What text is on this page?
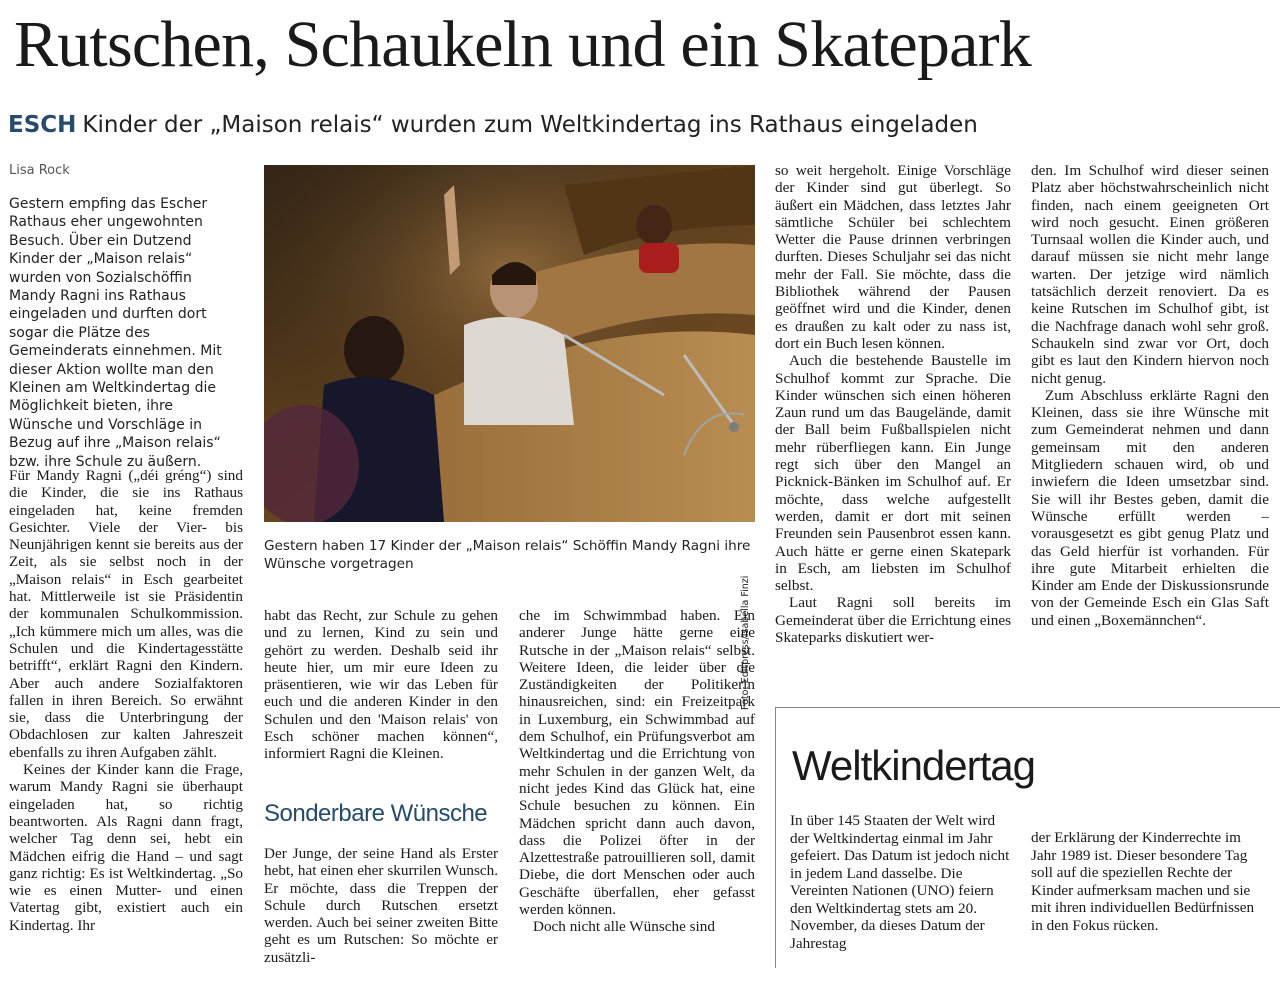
Rutschen, Schaukeln und ein Skatepark
ESCH Kinder der „Maison relais“ wurden zum Weltkindertag ins Rathaus eingeladen
Lisa Rock
Gestern empfing das Escher Rathaus eher ungewohnten Besuch. Über ein Dutzend Kinder der „Maison relais“ wurden von Sozialschöffin Mandy Ragni ins Rathaus eingeladen und durften dort sogar die Plätze des Gemeinderats einnehmen. Mit dieser Aktion wollte man den Kleinen am Weltkindertag die Möglichkeit bieten, ihre Wünsche und Vorschläge in Bezug auf ihre „Maison relais“ bzw. ihre Schule zu äußern.

Für Mandy Ragni („déi gréng“) sind die Kinder, die sie ins Rathaus eingeladen hat, keine fremden Gesichter. Viele der Vier- bis Neunjährigen kennt sie bereits aus der Zeit, als sie selbst noch in der „Maison relais“ in Esch gearbeitet hat. Mittlerweile ist sie Präsidentin der kommunalen Schulkommission. „Ich kümmere mich um alles, was die Schulen und die Kindertagesstätte betrifft“, erklärt Ragni den Kindern. Aber auch andere Sozialfaktoren fallen in ihren Bereich. So erwähnt sie, dass die Unterbringung der Obdachlosen zur kalten Jahreszeit ebenfalls zu ihren Aufgaben zählt.

Keines der Kinder kann die Frage, warum Mandy Ragni sie überhaupt eingeladen hat, so richtig beantworten. Als Ragni dann fragt, welcher Tag denn sei, hebt ein Mädchen eifrig die Hand – und sagt ganz richtig: Es ist Weltkindertag. „So wie es einen Mutter- und einen Vatertag gibt, existiert auch ein Kindertag. Ihr

Foto: Editpress/Isabella Finzi
Gestern haben 17 Kinder der „Maison relais“ Schöffin Mandy Ragni ihre Wünsche vorgetragen

habt das Recht, zur Schule zu gehen und zu lernen, Kind zu sein und gehört zu werden. Deshalb seid ihr heute hier, um mir eure Ideen zu präsentieren, wie wir das Leben für euch und die anderen Kinder in den Schulen und den 'Maison relais' von Esch schöner machen können“, informiert Ragni die Kleinen.

Sonderbare Wünsche

Der Junge, der seine Hand als Erster hebt, hat einen eher skurrilen Wunsch. Er möchte, dass die Treppen der Schule durch Rutschen ersetzt werden. Auch bei seiner zweiten Bitte geht es um Rutschen: So möchte er zusätzli-

che im Schwimmbad haben. Ein anderer Junge hätte gerne eine Rutsche in der „Maison relais“ selbst. Weitere Ideen, die leider über die Zuständigkeiten der Politikerin hinausreichen, sind: ein Freizeitpark in Luxemburg, ein Schwimmbad auf dem Schulhof, ein Prüfungsverbot am Weltkindertag und die Errichtung von mehr Schulen in der ganzen Welt, da nicht jedes Kind das Glück hat, eine Schule besuchen zu können. Ein Mädchen spricht dann auch davon, dass die Polizei öfter in der Alzettestraße patrouillieren soll, damit Diebe, die dort Menschen oder auch Geschäfte überfallen, eher gefasst werden können.

Doch nicht alle Wünsche sind

so weit hergeholt. Einige Vorschläge der Kinder sind gut überlegt. So äußert ein Mädchen, dass letztes Jahr sämtliche Schüler bei schlechtem Wetter die Pause drinnen verbringen durften. Dieses Schuljahr sei das nicht mehr der Fall. Sie möchte, dass die Bibliothek während der Pausen geöffnet wird und die Kinder, denen es draußen zu kalt oder zu nass ist, dort ein Buch lesen können.

Auch die bestehende Baustelle im Schulhof kommt zur Sprache. Die Kinder wünschen sich einen höheren Zaun rund um das Baugelände, damit der Ball beim Fußballspielen nicht mehr rüberfliegen kann. Ein Junge regt sich über den Mangel an Picknick-Bänken im Schulhof auf. Er möchte, dass welche aufgestellt werden, damit er dort mit seinen Freunden sein Pausenbrot essen kann. Auch hätte er gerne einen Skatepark in Esch, am liebsten im Schulhof selbst.

Laut Ragni soll bereits im Gemeinderat über die Errichtung eines Skateparks diskutiert wer-

den. Im Schulhof wird dieser seinen Platz aber höchstwahrscheinlich nicht finden, nach einem geeigneten Ort wird noch gesucht. Einen größeren Turnsaal wollen die Kinder auch, und darauf müssen sie nicht mehr lange warten. Der jetzige wird nämlich tatsächlich derzeit renoviert. Da es keine Rutschen im Schulhof gibt, ist die Nachfrage danach wohl sehr groß. Schaukeln sind zwar vor Ort, doch gibt es laut den Kindern hiervon noch nicht genug.

Zum Abschluss erklärte Ragni den Kleinen, dass sie ihre Wünsche mit zum Gemeinderat nehmen und dann gemeinsam mit den anderen Mitgliedern schauen wird, ob und inwiefern die Ideen umsetzbar sind. Sie will ihr Bestes geben, damit die Wünsche erfüllt werden – vorausgesetzt es gibt genug Platz und das Geld hierfür ist vorhanden. Für ihre gute Mitarbeit erhielten die Kinder am Ende der Diskussionsrunde von der Gemeinde Esch ein Glas Saft und einen „Boxemännchen“.

Weltkindertag
In über 145 Staaten der Welt wird der Weltkindertag einmal im Jahr gefeiert. Das Datum ist jedoch nicht in jedem Land dasselbe. Die Vereinten Nationen (UNO) feiern den Weltkindertag stets am 20. November, da dieses Datum der Jahrestag
der Erklärung der Kinderrechte im Jahr 1989 ist. Dieser besondere Tag soll auf die speziellen Rechte der Kinder aufmerksam machen und sie mit ihren individuellen Bedürfnissen in den Fokus rücken.
